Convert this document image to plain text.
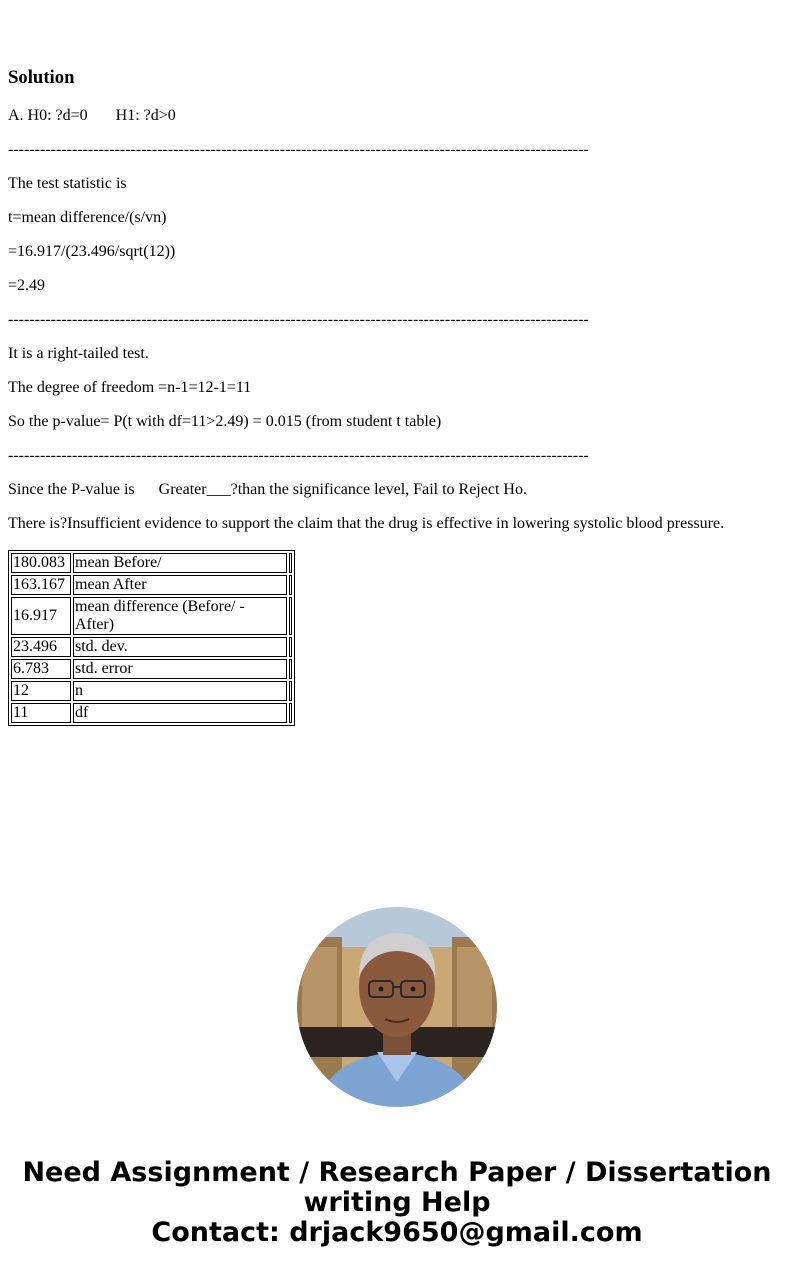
Solution

A. H0: ?d=0       H1: ?d>0

-------------------------------------------------------------------------------------------------------------

The test statistic is

t=mean difference/(s/vn)

=16.917/(23.496/sqrt(12))

=2.49

-------------------------------------------------------------------------------------------------------------

It is a right-tailed test.

The degree of freedom =n-1=12-1=11

So the p-value= P(t with df=11>2.49) = 0.015 (from student t table)

-------------------------------------------------------------------------------------------------------------

Since the P-value is      Greater___?than the significance level, Fail to Reject Ho.

There is?Insufficient evidence to support the claim that the drug is effective in lowering systolic blood pressure.

180.083	mean Before/	
163.167	mean After	
16.917	mean difference (Before/ - After)	
23.496	std. dev.	
6.783	std. error	
12	n	
11	df	
Need Assignment / Research Paper / Dissertation
writing Help
Contact: drjack9650@gmail.com
